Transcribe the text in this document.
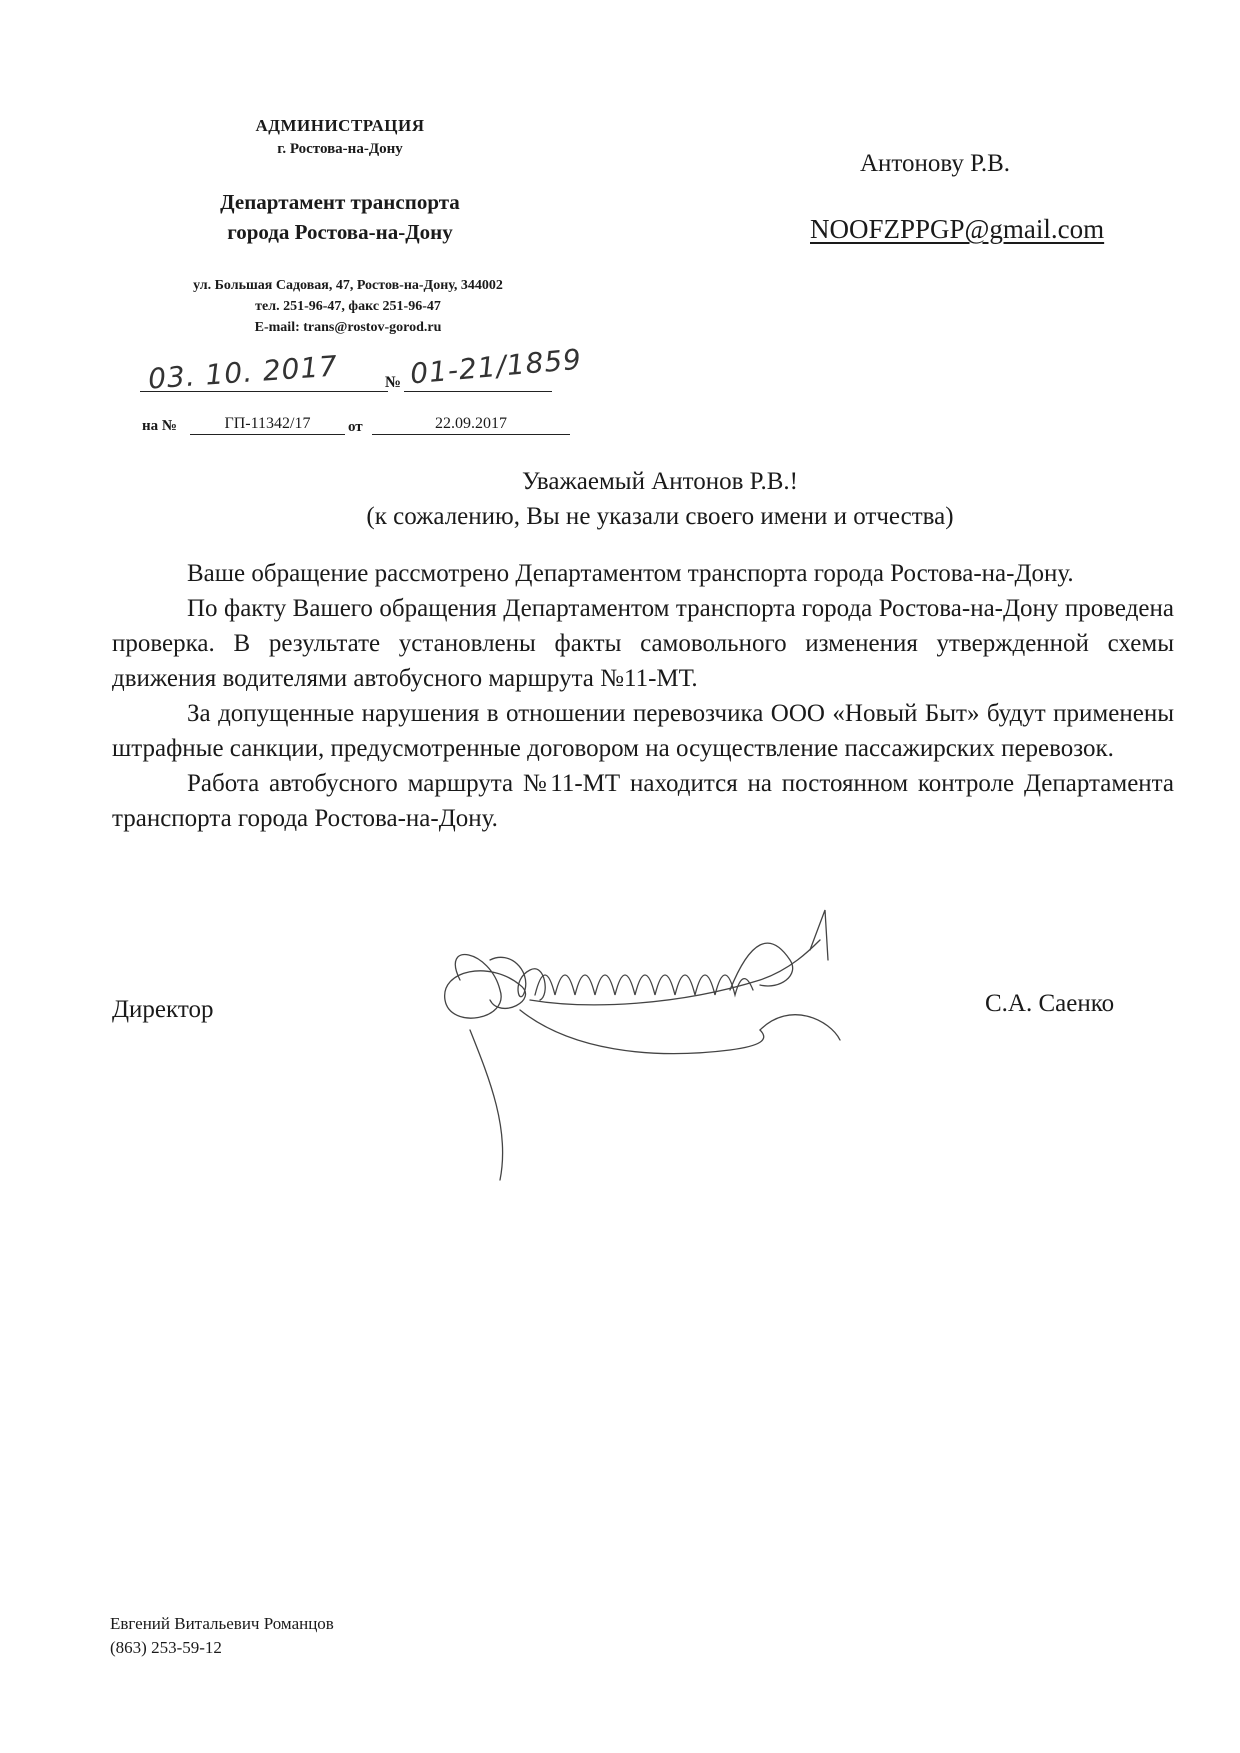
АДМИНИСТРАЦИЯ
г. Ростова-на-Дону
Департамент транспорта
города Ростова-на-Дону
ул. Большая Садовая, 47, Ростов-на-Дону, 344002
тел. 251-96-47, факс 251-96-47
E-mail: trans@rostov-gorod.ru
Антонову Р.В.
NOOFZPPGP@gmail.com
03. 10. 2017	№ 01-21/1859
на №	ГП-11342/17	от	22.09.2017
Уважаемый Антонов Р.В.!
(к сожалению, Вы не указали своего имени и отчества)

Ваше обращение рассмотрено Департаментом транспорта города Ростова-на-Дону.

По факту Вашего обращения Департаментом транспорта города Ростова-на-Дону проведена проверка. В результате установлены факты самовольного изменения утвержденной схемы движения водителями автобусного маршрута №11-МТ.

За допущенные нарушения в отношении перевозчика ООО «Новый Быт» будут применены штрафные санкции, предусмотренные договором на осуществление пассажирских перевозок.

Работа автобусного маршрута №11-МТ находится на постоянном контроле Департамента транспорта города Ростова-на-Дону.

Директор	С.А. Саенко
Евгений Витальевич Романцов
(863) 253-59-12
